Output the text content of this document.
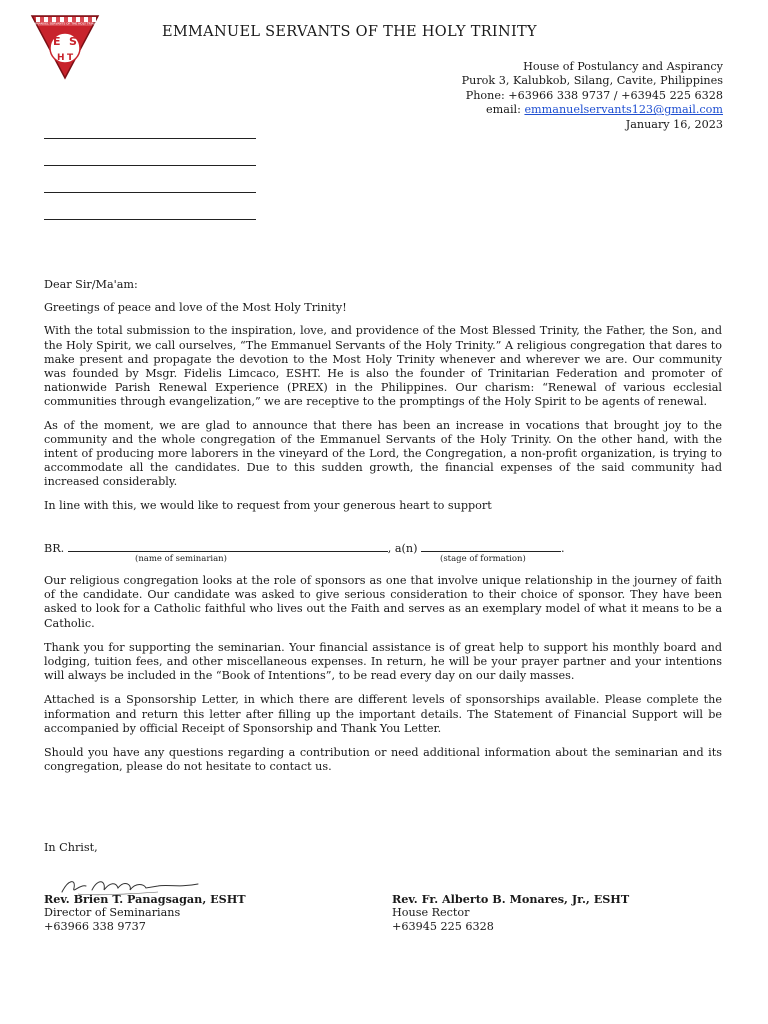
E S
H T
EMMANUEL SERVANTS OF THE HOLY TRINITY
EMMANUEL SERVANTS OF THE HOLY TRINITY
House of Postulancy and Aspirancy
Purok 3, Kalubkob, Silang, Cavite, Philippines
Phone: +63966 338 9737 / +63945 225 6328
email: emmanuelservants123@gmail.com
January 16, 2023

Dear Sir/Ma'am:

Greetings of peace and love of the Most Holy Trinity!

With the total submission to the inspiration, love, and providence of the Most Blessed Trinity, the Father, the Son, and the Holy Spirit, we call ourselves, “The Emmanuel Servants of the Holy Trinity.” A religious congregation that dares to make present and propagate the devotion to the Most Holy Trinity whenever and wherever we are. Our community was founded by Msgr. Fidelis Limcaco, ESHT. He is also the founder of Trinitarian Federation and promoter of nationwide Parish Renewal Experience (PREX) in the Philippines. Our charism: “Renewal of various ecclesial communities through evangelization,” we are receptive to the promptings of the Holy Spirit to be agents of renewal.

As of the moment, we are glad to announce that there has been an increase in vocations that brought joy to the community and the whole congregation of the Emmanuel Servants of the Holy Trinity. On the other hand, with the intent of producing more laborers in the vineyard of the Lord, the Congregation, a non-profit organization, is trying to accommodate all the candidates. Due to this sudden growth, the financial expenses of the said community had increased considerably.

In line with this, we would like to request from your generous heart to support

BR.	, a(n)	.
(name of seminarian)	(stage of formation)

Our religious congregation looks at the role of sponsors as one that involve unique relationship in the journey of faith of the candidate. Our candidate was asked to give serious consideration to their choice of sponsor. They have been asked to look for a Catholic faithful who lives out the Faith and serves as an exemplary model of what it means to be a Catholic.

Thank you for supporting the seminarian. Your financial assistance is of great help to support his monthly board and lodging, tuition fees, and other miscellaneous expenses. In return, he will be your prayer partner and your intentions will always be included in the “Book of Intentions”, to be read every day on our daily masses.

Attached is a Sponsorship Letter, in which there are different levels of sponsorships available. Please complete the information and return this letter after filling up the important details. The Statement of Financial Support will be accompanied by official Receipt of Sponsorship and Thank You Letter.

Should you have any questions regarding a contribution or need additional information about the seminarian and its congregation, please do not hesitate to contact us.

In Christ,
Rev. Brien T. Panagsagan, ESHT
Director of Seminarians
+63966 338 9737
Rev. Fr. Alberto B. Monares, Jr., ESHT
House Rector
+63945 225 6328
